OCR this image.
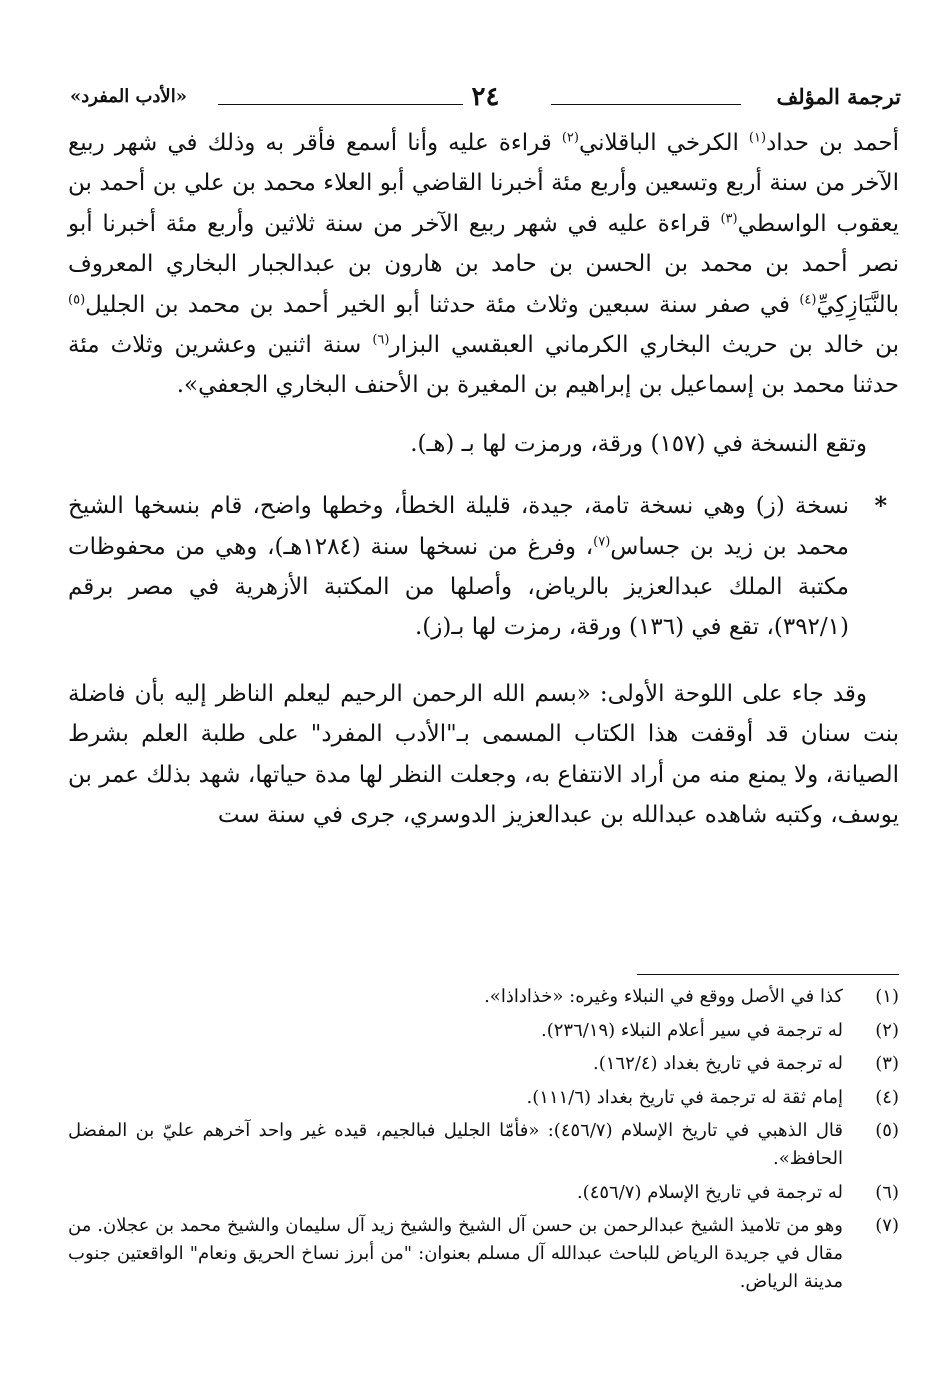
ترجمة المؤلف
٢٤
«الأدب المفرد»

أحمد بن حداد$^{(١)}$ الكرخي الباقلاني$^{(٢)}$ قراءة عليه وأنا أسمع فأقر به وذلك في شهر ربيع الآخر من سنة أربع وتسعين وأربع مئة أخبرنا القاضي أبو العلاء محمد بن علي بن أحمد بن يعقوب الواسطي$^{(٣)}$ قراءة عليه في شهر ربيع الآخر من سنة ثلاثين وأربع مئة أخبرنا أبو نصر أحمد بن محمد بن الحسن بن حامد بن هارون بن عبدالجبار البخاري المعروف بالنَّيَازِكِيِّ$^{(٤)}$ في صفر سنة سبعين وثلاث مئة حدثنا أبو الخير أحمد بن محمد بن الجليل$^{(٥)}$ بن خالد بن حريث البخاري الكرماني العبقسي البزار$^{(٦)}$ سنة اثنين وعشرين وثلاث مئة حدثنا محمد بن إسماعيل بن إبراهيم بن المغيرة بن الأحنف البخاري الجعفي».

وتقع النسخة في (١٥٧) ورقة، ورمزت لها بـ (هـ).

*
نسخة (ز) وهي نسخة تامة، جيدة، قليلة الخطأ، وخطها واضح، قام بنسخها الشيخ محمد بن زيد بن جساس$^{(٧)}$، وفرغ من نسخها سنة (١٢٨٤هـ)، وهي من محفوظات مكتبة الملك عبدالعزيز بالرياض، وأصلها من المكتبة الأزهرية في مصر برقم (٣٩٢/١)، تقع في (١٣٦) ورقة، رمزت لها بـ(ز).

وقد جاء على اللوحة الأولى: «بسم الله الرحمن الرحيم ليعلم الناظر إليه بأن فاضلة بنت سنان قد أوقفت هذا الكتاب المسمى بـ"الأدب المفرد" على طلبة العلم بشرط الصيانة، ولا يمنع منه من أراد الانتفاع به، وجعلت النظر لها مدة حياتها، شهد بذلك عمر بن يوسف، وكتبه شاهده عبدالله بن عبدالعزيز الدوسري، جرى في سنة ست

(١)
كذا في الأصل ووقع في النبلاء وغيره: «خذاداذا».

(٢)
له ترجمة في سير أعلام النبلاء (٢٣٦/١٩).

(٣)
له ترجمة في تاريخ بغداد (١٦٢/٤).

(٤)
إمام ثقة له ترجمة في تاريخ بغداد (١١١/٦).

(٥)
قال الذهبي في تاريخ الإسلام (٤٥٦/٧): «فأمّا الجليل فبالجيم، قيده غير واحد آخرهم عليّ بن المفضل الحافظ».

(٦)
له ترجمة في تاريخ الإسلام (٤٥٦/٧).

(٧)
وهو من تلاميذ الشيخ عبدالرحمن بن حسن آل الشيخ والشيخ زيد آل سليمان والشيخ محمد بن عجلان. من مقال في جريدة الرياض للباحث عبدالله آل مسلم بعنوان: "من أبرز نساخ الحريق ونعام" الواقعتين جنوب مدينة الرياض.
